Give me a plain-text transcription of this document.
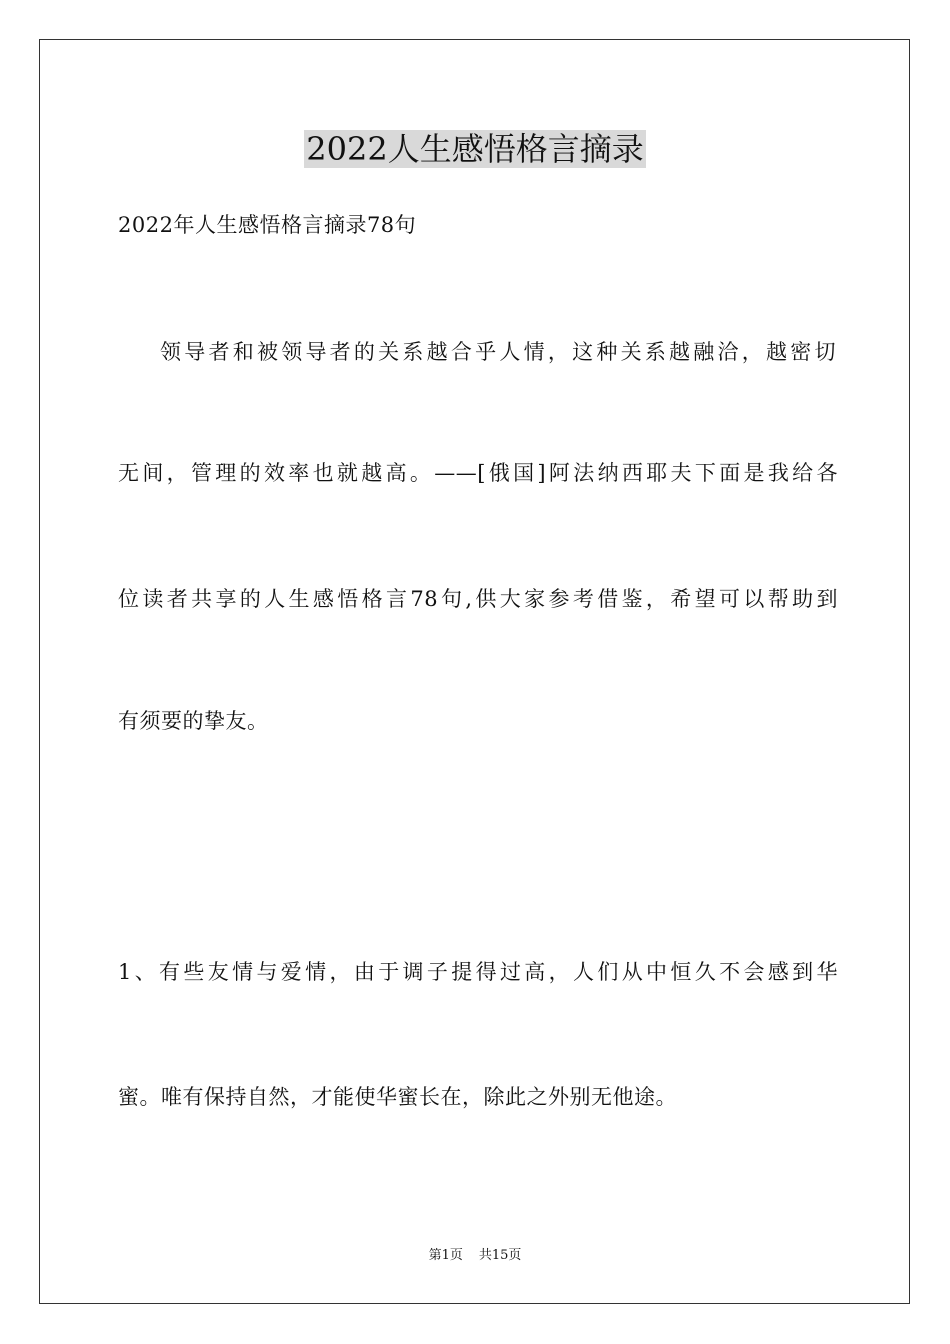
2022人生感悟格言摘录
2022年人生感悟格言摘录78句
领导者和被领导者的关系越合乎人情，这种关系越融洽，越密切
无间，管理的效率也就越高。——[俄国]阿法纳西耶夫下面是我给各
位读者共享的人生感悟格言78句,供大家参考借鉴，希望可以帮助到
有须要的挚友。
1、有些友情与爱情，由于调子提得过高，人们从中恒久不会感到华
蜜。唯有保持自然，才能使华蜜长在，除此之外别无他途。
第1页 共15页
